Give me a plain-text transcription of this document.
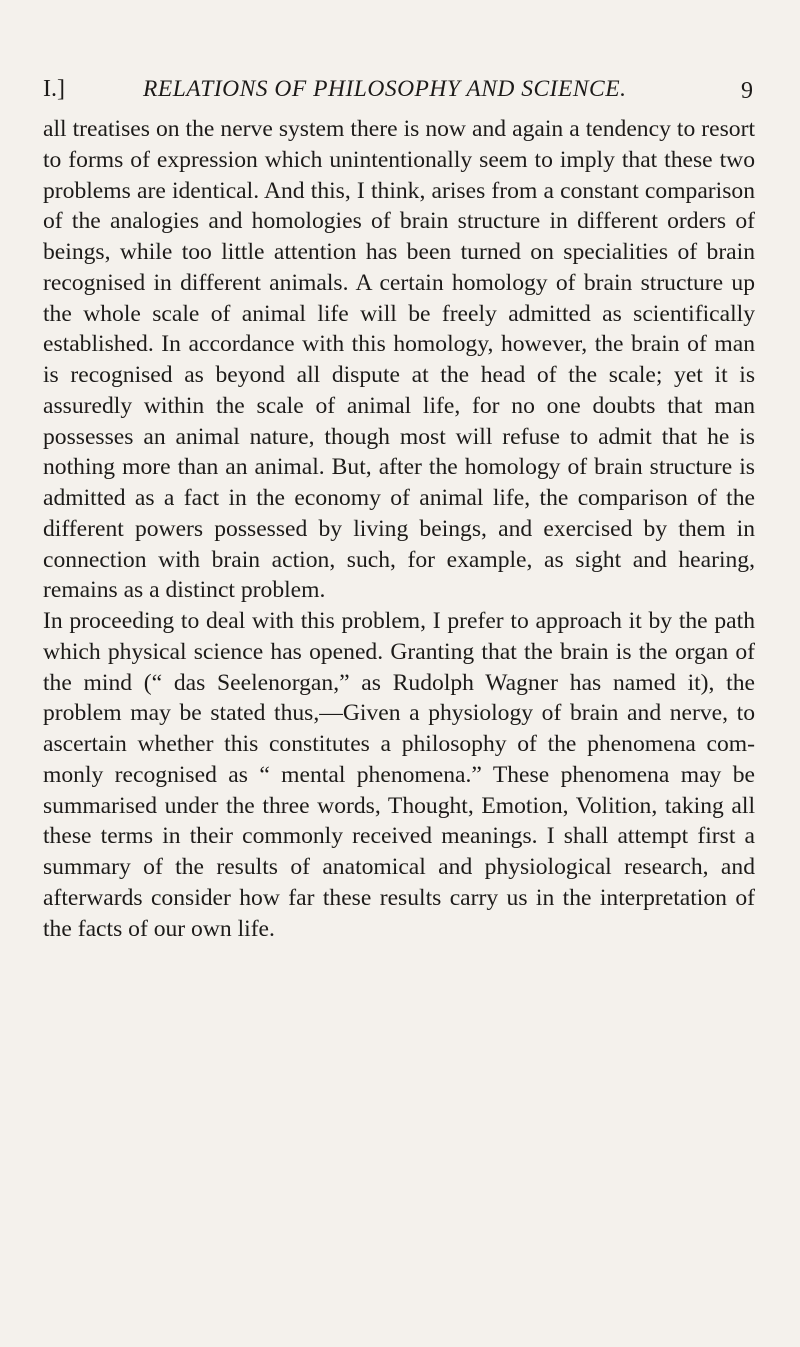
I.]	RELATIONS OF PHILOSOPHY AND SCIENCE.	9

all treatises on the nerve system there is now and again a tendency to resort to forms of expression which unintentionally seem to imply that these two problems are identical. And this, I think, arises from a constant comparison of the analogies and homologies of brain structure in different orders of beings, while too little attention has been turned on specialities of brain recognised in different animals. A certain homology of brain structure up the whole scale of animal life will be freely admitted as scientifically established. In accordance with this homology, however, the brain of man is recognised as beyond all dispute at the head of the scale; yet it is assuredly within the scale of animal life, for no one doubts that man possesses an animal nature, though most will refuse to admit that he is nothing more than an animal. But, after the homology of brain structure is admitted as a fact in the economy of animal life, the comparison of the different powers possessed by living beings, and exercised by them in connection with brain action, such, for example, as sight and hearing, remains as a distinct problem.

In proceeding to deal with this problem, I prefer to approach it by the path which physical science has opened. Granting that the brain is the organ of the mind (“ das Seelenorgan,” as Rudolph Wagner has named it), the problem may be stated thus,—Given a physiology of brain and nerve, to ascertain whether this constitutes a philosophy of the phenomena commonly recognised as “ mental phenomena.” These phenomena may be summarised under the three words, Thought, Emotion, Volition, taking all these terms in their commonly received meanings. I shall attempt first a summary of the results of anatomical and physiological research, and afterwards consider how far these results carry us in the interpretation of the facts of our own life.
